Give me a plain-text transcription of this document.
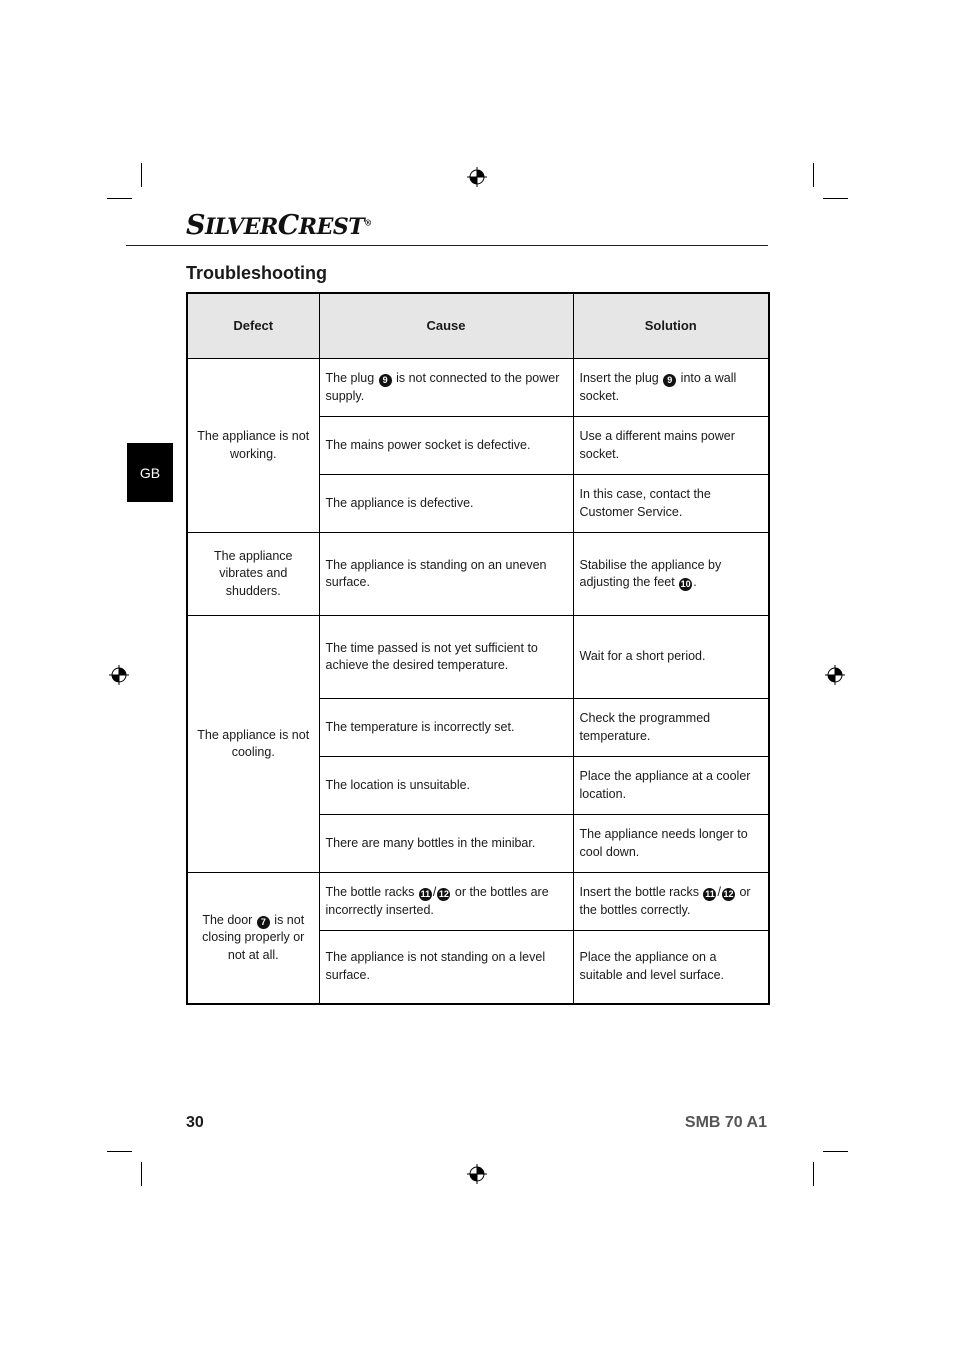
SILVERCREST®
Troubleshooting
GB
Defect	Cause	Solution
The appliance is not working.	The plug 9 is not connected to the power supply.	Insert the plug 9 into a wall socket.
	The mains power socket is defective.	Use a different mains power socket.
	The appliance is defective.	In this case, contact the Customer Service.
The appliance vibrates and shudders.	The appliance is standing on an uneven surface.	Stabilise the appliance by adjusting the feet 10 .
The appliance is not cooling.	The time passed is not yet sufficient to achieve the desired temperature.	Wait for a short period.
	The temperature is incorrectly set.	Check the programmed temperature.
	The location is unsuitable.	Place the appliance at a cooler location.
	There are many bottles in the minibar.	The appliance needs longer to cool down.
The door 7 is not closing properly or not at all.	The bottle racks 11 / 12 or the bottles are incorrectly inserted.	Insert the bottle racks 11 / 12 or the bottles correctly.
	The appliance is not standing on a level surface.	Place the appliance on a suitable and level surface.
30	SMB 70 A1
